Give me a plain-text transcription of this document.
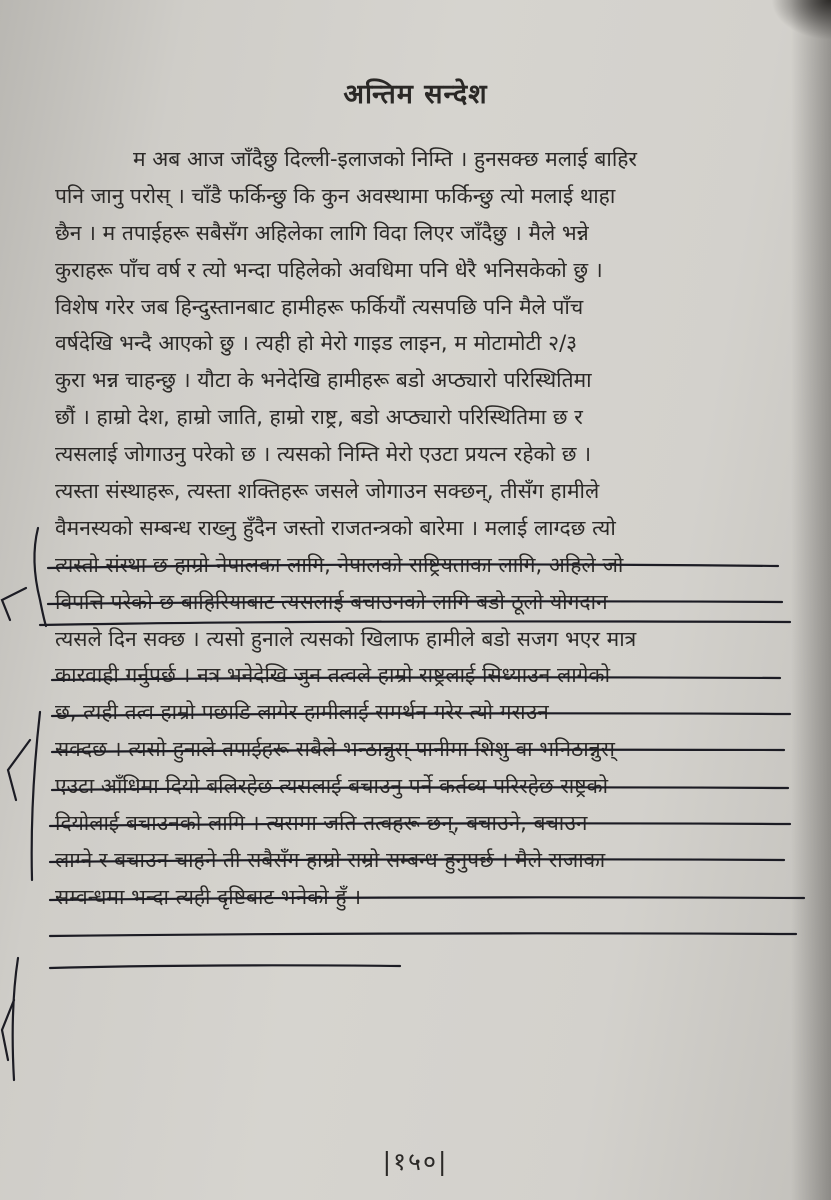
अन्तिम सन्देश
म अब आज जाँदैछु दिल्ली-इलाजको निम्ति । हुनसक्छ मलाई बाहिर
पनि जानु परोस् । चाँडै फर्किन्छु कि कुन अवस्थामा फर्किन्छु त्यो मलाई थाहा
छैन । म तपाईहरू सबैसँग अहिलेका लागि विदा लिएर जाँदैछु । मैले भन्ने
कुराहरू पाँच वर्ष र त्यो भन्दा पहिलेको अवधिमा पनि धेरै भनिसकेको छु ।
विशेष गरेर जब हिन्दुस्तानबाट हामीहरू फर्कियौं त्यसपछि पनि मैले पाँच
वर्षदेखि भन्दै आएको छु । त्यही हो मेरो गाइड लाइन, म मोटामोटी २/३
कुरा भन्न चाहन्छु । यौटा के भनेदेखि हामीहरू बडो अप्ठ्यारो परिस्थितिमा
छौं । हाम्रो देश, हाम्रो जाति, हाम्रो राष्ट्र, बडो अप्ठ्यारो परिस्थितिमा छ र
त्यसलाई जोगाउनु परेको छ । त्यसको निम्ति मेरो एउटा प्रयत्न रहेको छ ।
त्यस्ता संस्थाहरू, त्यस्ता शक्तिहरू जसले जोगाउन सक्छन्, तीसँग हामीले
वैमनस्यको सम्बन्ध राख्नु हुँदैन जस्तो राजतन्त्रको बारेमा । मलाई लाग्दछ त्यो
त्यस्तो संस्था छ हाम्रो नेपालका लागि, नेपालको राष्ट्रियताका लागि, अहिले जो
विपत्ति परेको छ बाहिरियाबाट त्यसलाई बचाउनको लागि बडो ठूलो योगदान
त्यसले दिन सक्छ । त्यसो हुनाले त्यसको खिलाफ हामीले बडो सजग भएर मात्र
कारवाही गर्नुपर्छ । नत्र भनेदेखि जुन तत्वले हाम्रो राष्ट्रलाई सिध्याउन लागेको
छ, त्यही तत्व हाम्रो पछाडि लागेर हामीलाई समर्थन गरेर त्यो गराउन
सक्दछ । त्यसो हुनाले तपाईहरू सबैले भन्ठान्नुस् पानीमा शिशु वा भनिठान्नुस्
एउटा आँधिमा दियो बलिरहेछ त्यसलाई बचाउनु पर्ने कर्तव्य परिरहेछ राष्ट्रको
दियोलाई बचाउनको लागि । त्यसमा जति तत्वहरू छन्, बचाउने, बचाउन
लाग्ने र बचाउन चाहने ती सबैसँग हाम्रो राम्रो सम्बन्ध हुनुपर्छ । मैले राजाका
सम्वन्धमा भन्दा त्यही दृष्टिबाट भनेको हुँ ।
|१५०|
